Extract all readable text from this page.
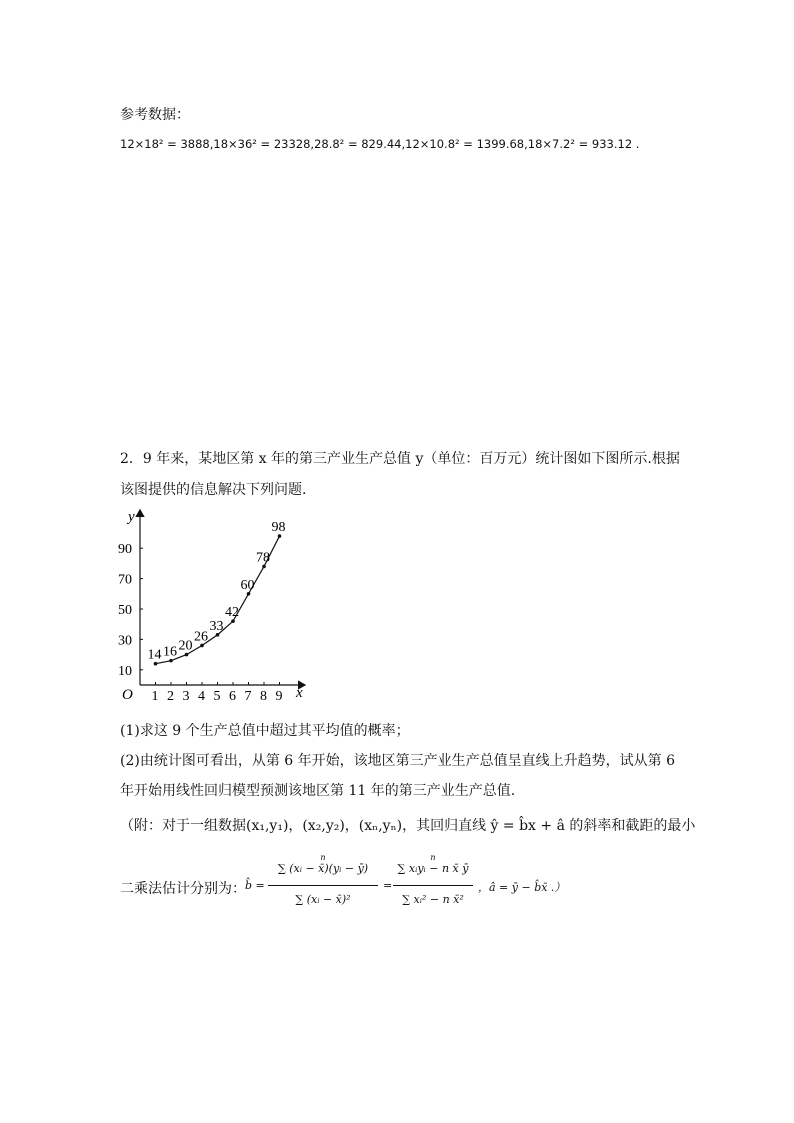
参考数据：
12×18² = 3888,18×36² = 23328,28.8² = 829.44,12×10.8² = 1399.68,18×7.2² = 933.12 .
2．9 年来，某地区第 x 年的第三产业生产总值 y（单位：百万元）统计图如下图所示.根据
该图提供的信息解决下列问题.
y
x
O 1 2 3 4 5 6 7 8 9
10
30
50
70
90
14 16 20
26
33
42
60
78
98
(1)求这 9 个生产总值中超过其平均值的概率；
(2)由统计图可看出，从第 6 年开始，该地区第三产业生产总值呈直线上升趋势，试从第 6
年开始用线性回归模型预测该地区第 11 年的第三产业生产总值.
（附：对于一组数据(x₁,y₁)，(x₂,y₂)，(xₙ,yₙ)，其回归直线 ŷ = b̂x + â 的斜率和截距的最小
二乘法估计分别为： b̂ =
n
∑ (xᵢ − x̄)(yᵢ − ȳ)
∑ (xᵢ − x̄)²
=
n
∑ xᵢyᵢ − n x̄ ȳ
∑ xᵢ² − n x̄²
，â = ȳ − b̂x̄ .）
